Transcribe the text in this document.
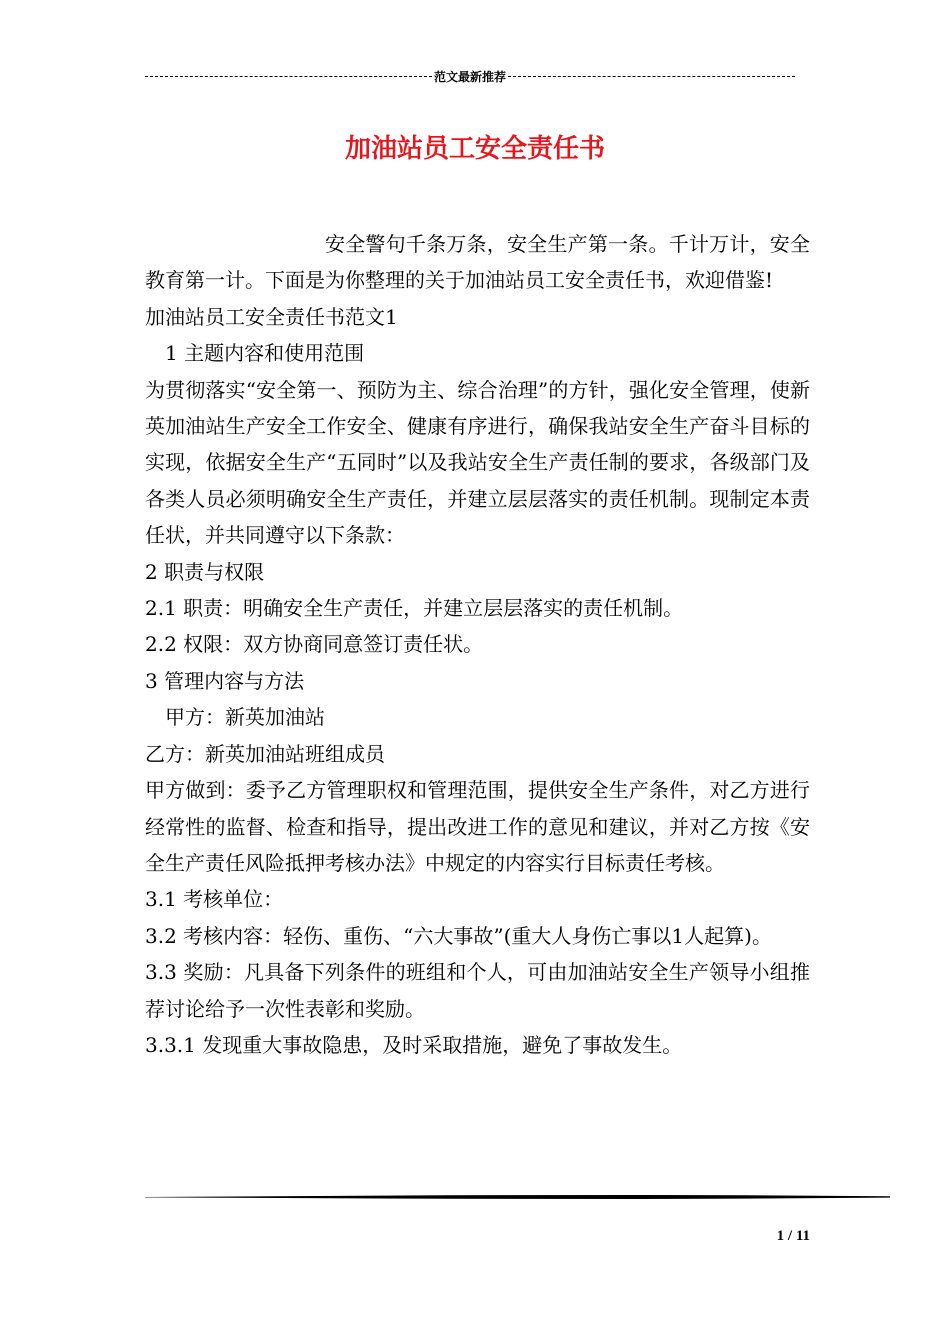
范文最新推荐
加油站员工安全责任书

安全警句千条万条，安全生产第一条。千计万计，安全教育第一计。下面是为你整理的关于加油站员工安全责任书，欢迎借鉴!

加油站员工安全责任书范文1

1 主题内容和使用范围

为贯彻落实“安全第一、预防为主、综合治理”的方针，强化安全管理，使新英加油站生产安全工作安全、健康有序进行，确保我站安全生产奋斗目标的实现，依据安全生产“五同时”以及我站安全生产责任制的要求，各级部门及各类人员必须明确安全生产责任，并建立层层落实的责任机制。现制定本责任状，并共同遵守以下条款：

2 职责与权限

2.1 职责：明确安全生产责任，并建立层层落实的责任机制。

2.2 权限：双方协商同意签订责任状。

3 管理内容与方法

甲方：新英加油站

乙方：新英加油站班组成员

甲方做到：委予乙方管理职权和管理范围，提供安全生产条件，对乙方进行经常性的监督、检查和指导，提出改进工作的意见和建议，并对乙方按《安全生产责任风险抵押考核办法》中规定的内容实行目标责任考核。

3.1 考核单位：

3.2 考核内容：轻伤、重伤、“六大事故”(重大人身伤亡事以1人起算)。

3.3 奖励：凡具备下列条件的班组和个人，可由加油站安全生产领导小组推荐讨论给予一次性表彰和奖励。

3.3.1 发现重大事故隐患，及时采取措施，避免了事故发生。

1 / 11
